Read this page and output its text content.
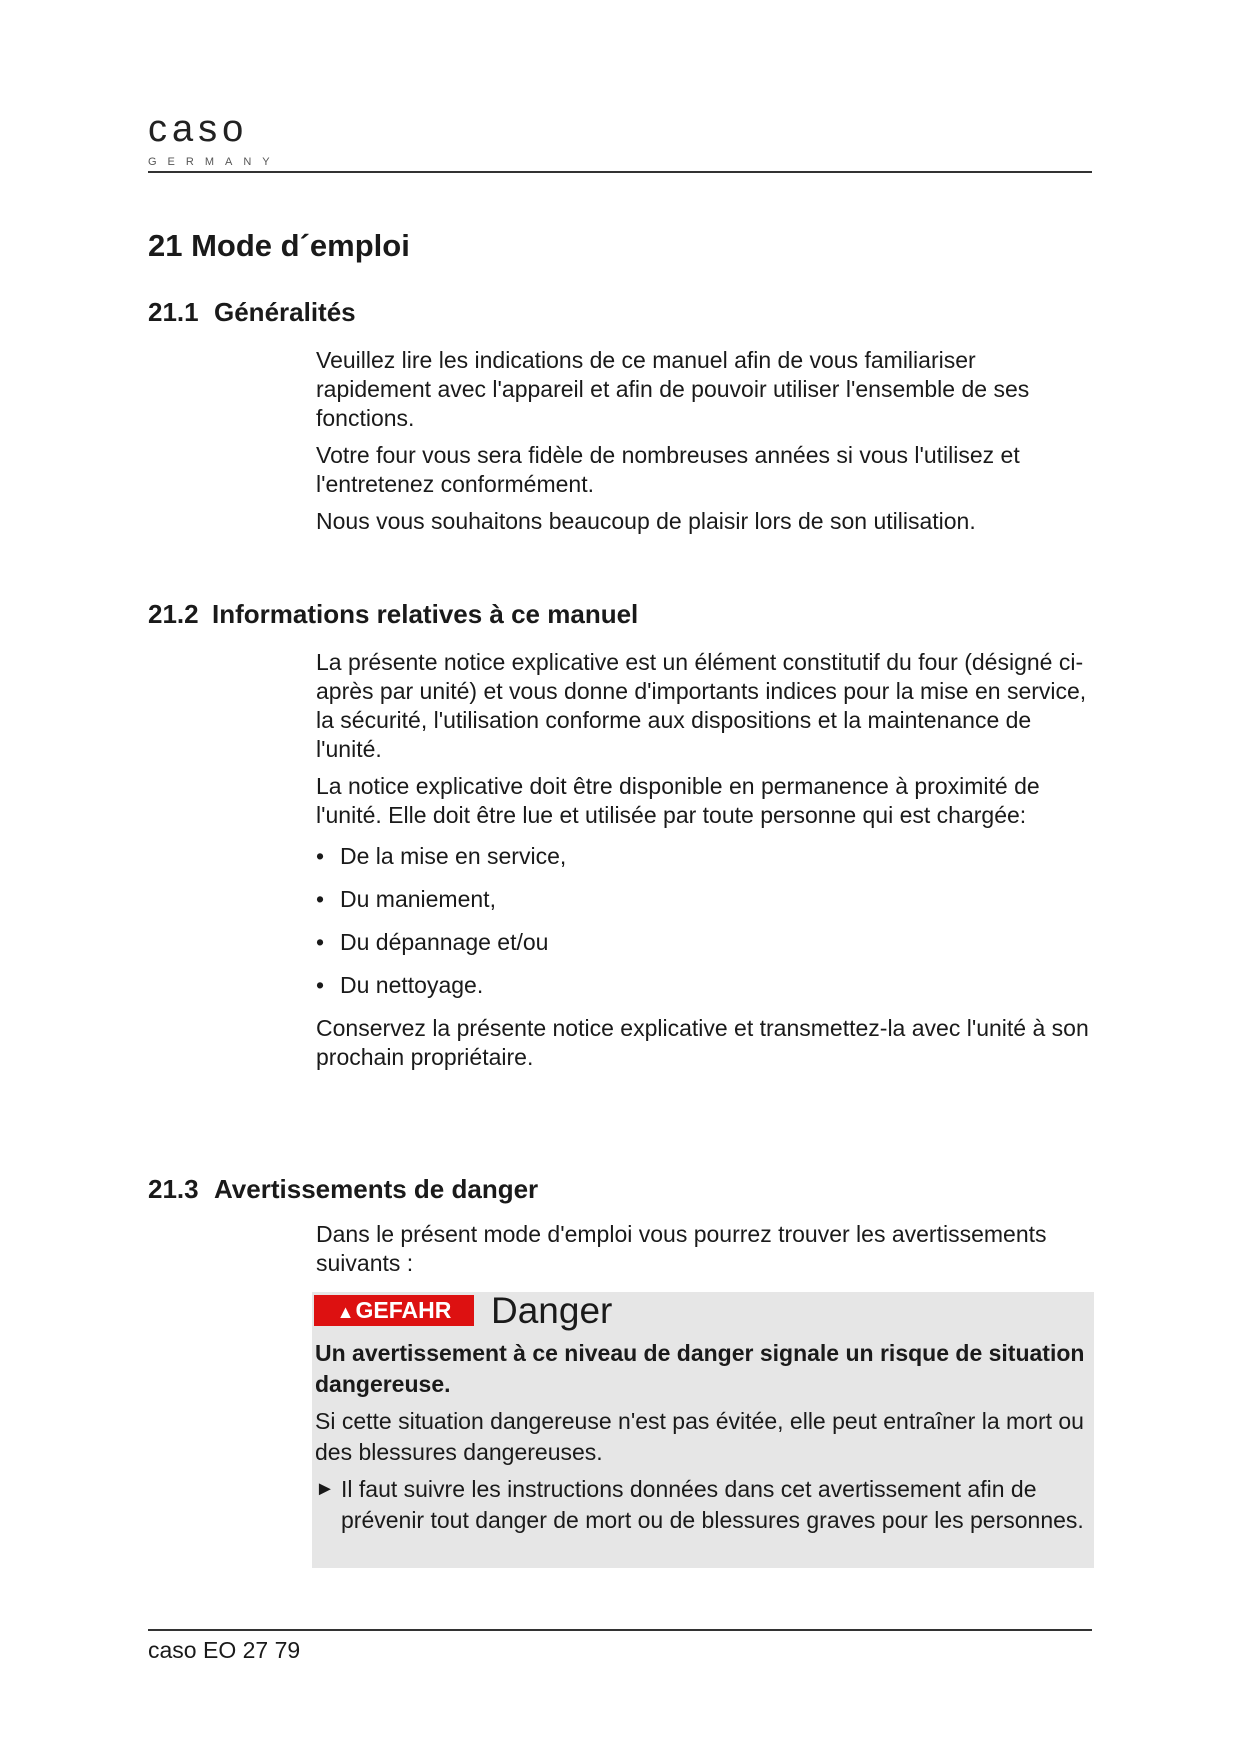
caso
GERMANY
21 Mode d´emploi
21.1 Généralités

Veuillez lire les indications de ce manuel afin de vous familiariser rapidement avec l'appareil et afin de pouvoir utiliser l'ensemble de ses fonctions.

Votre four vous sera fidèle de nombreuses années si vous l'utilisez et l'entretenez conformément.

Nous vous souhaitons beaucoup de plaisir lors de son utilisation.

21.2 Informations relatives à ce manuel

La présente notice explicative est un élément constitutif du four (désigné ci-après par unité) et vous donne d'importants indices pour la mise en service, la sécurité, l'utilisation conforme aux dispositions et la maintenance de l'unité.

La notice explicative doit être disponible en permanence à proximité de l'unité. Elle doit être lue et utilisée par toute personne qui est chargée:

• De la mise en service,
• Du maniement,
• Du dépannage et/ou
• Du nettoyage.

Conservez la présente notice explicative et transmettez-la avec l'unité à son prochain propriétaire.

21.3 Avertissements de danger

Dans le présent mode d'emploi vous pourrez trouver les avertissements suivants :

▲GEFAHR	Danger

Un avertissement à ce niveau de danger signale un risque de situation dangereuse.

Si cette situation dangereuse n'est pas évitée, elle peut entraîner la mort ou des blessures dangereuses.

► Il faut suivre les instructions données dans cet avertissement afin de prévenir tout danger de mort ou de blessures graves pour les personnes.
caso EO 27 79
